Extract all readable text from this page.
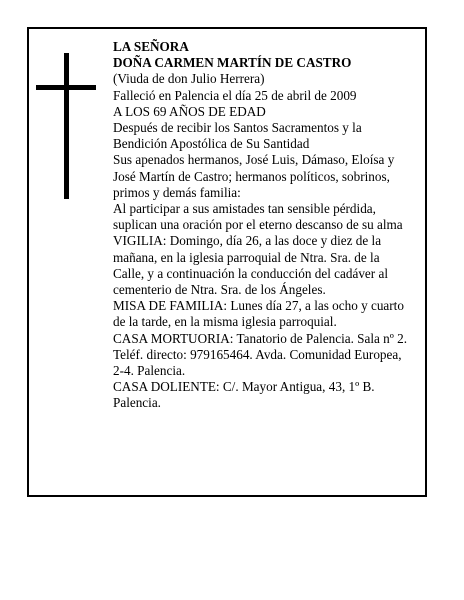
LA SEÑORA

DOÑA CARMEN MARTÍN DE CASTRO

(Viuda de don Julio Herrera)

Falleció en Palencia el día 25 de abril de 2009

A LOS 69 AÑOS DE EDAD

Después de recibir los Santos Sacramentos y la Bendición Apostólica de Su Santidad

Sus apenados hermanos, José Luis, Dámaso, Eloísa y José Martín de Castro; hermanos políticos, sobrinos, primos y demás familia:

Al participar a sus amistades tan sensible pérdida, suplican una oración por el eterno descanso de su alma

VIGILIA: Domingo, día 26, a las doce y diez de la mañana, en la iglesia parroquial de Ntra. Sra. de la Calle, y a continuación la conducción del cadáver al cementerio de Ntra. Sra. de los Ángeles.

MISA DE FAMILIA: Lunes día 27, a las ocho y cuarto de la tarde, en la misma iglesia parroquial.

CASA MORTUORIA: Tanatorio de Palencia. Sala nº 2.

Teléf. directo: 979165464. Avda. Comunidad Europea, 2-4. Palencia.

CASA DOLIENTE: C/. Mayor Antigua, 43, 1º B. Palencia.
